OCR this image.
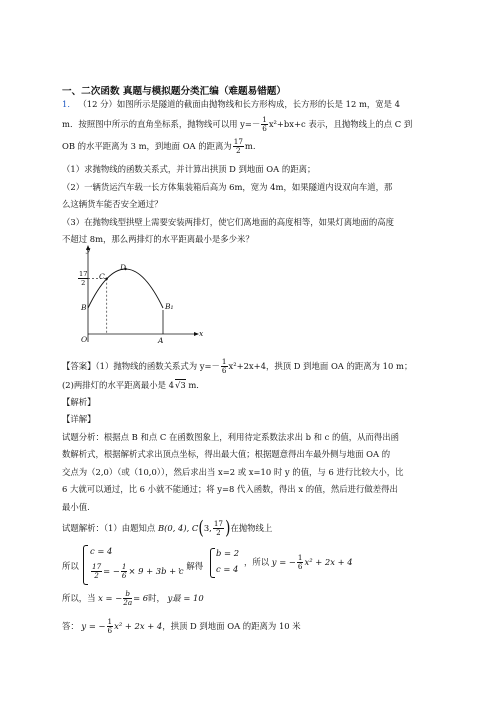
一、二次函数 真题与模拟题分类汇编（难题易错题）
1． （12 分）如图所示是隧道的截面由抛物线和长方形构成，长方形的长是 12 m，宽是 4
m．按照图中所示的直角坐标系，抛物线可以用 $y=- \frac{1}{6} x^2+bx+c$ 表示，且抛物线上的点 C 到
OB 的水平距离为 3 m，到地面 OA 的距离为 $\frac{17}{2} m$.
（1）求抛物线的函数关系式，并计算出拱顶 D 到地面 OA 的距离；
（2）一辆货运汽车载一长方体集装箱后高为 6m，宽为 4m，如果隧道内设双向车道，那
么这辆货车能否安全通过？
（3）在抛物线型拱壁上需要安装两排灯，使它们离地面的高度相等，如果灯离地面的高度
不超过 8m，那么两排灯的水平距离最小是多少米？
y
x
O	A
B	B₁
C
D
$\frac{17}{2}$
【答案】（1）抛物线的函数关系式为 $y=- \frac{1}{6} x^2+2x+4$，拱顶 D 到地面 OA 的距离为 10 m；
(2)两排灯的水平距离最小是 4√3 m．
【解析】
【详解】
试题分析：根据点 B 和点 C 在函数图象上，利用待定系数法求出 b 和 c 的值，从而得出函
数解析式，根据解析式求出顶点坐标，得出最大值；根据题意得出车最外侧与地面 OA 的
交点为（2,0）（或（10,0）），然后求出当 x=2 或 x=10 时 y 的值，与 6 进行比较大小，比
6 大就可以通过，比 6 小就不能通过；将 y=8 代入函数，得出 x 的值，然后进行做差得出
最小值.
试题解析：（1）由题知点 B(0, 4), C(3, $\frac{17}{2}$ )在抛物线上
所以
c = 4
$\frac{17}{2}$ = − $\frac{1}{6} \times 9 + 3b + c$
，解得
b = 2
c = 4
，所以 y = − $\frac{1}{6} x^2 + 2x + 4$
所以，当 x = − $\frac{b}{2a} = 6$时， y最 = 10
答： y = − $\frac{1}{6} x^2 + 2x + 4$，拱顶 D 到地面 OA 的距离为 10 米
